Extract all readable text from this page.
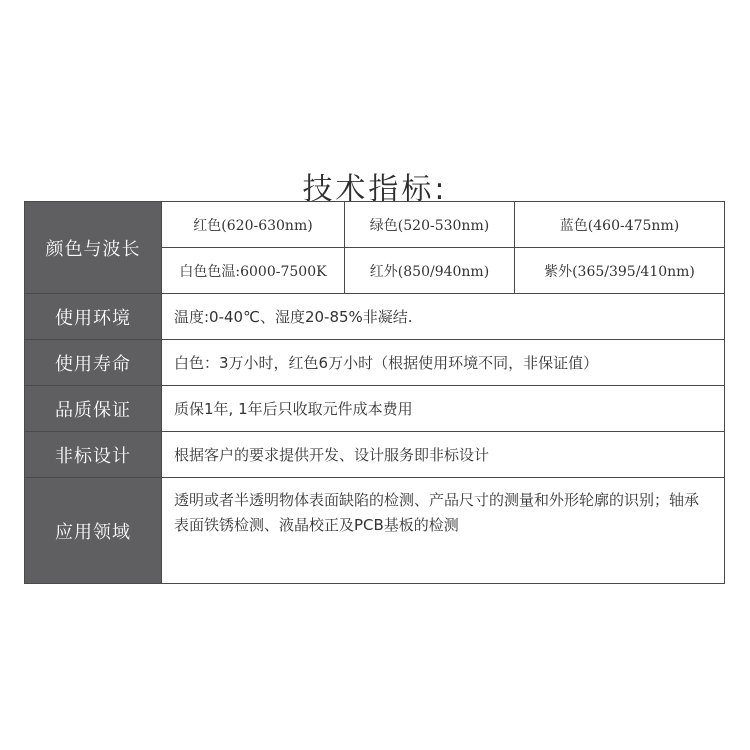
技术指标:
颜色与波长	红色(620-630nm)	绿色(520-530nm)	蓝色(460-475nm)
	白色色温:6000-7500K	红外(850/940nm)	紫外(365/395/410nm)
使用环境	温度:0-40℃、湿度20-85%非凝结.		
使用寿命	白色：3万小时，红色6万小时（根据使用环境不同，非保证值）		
品质保证	质保1年, 1年后只收取元件成本费用		
非标设计	根据客户的要求提供开发、设计服务即非标设计		
应用领域	透明或者半透明物体表面缺陷的检测、产品尺寸的测量和外形轮廓的识别；轴承表面铁锈检测、液晶校正及PCB基板的检测		
